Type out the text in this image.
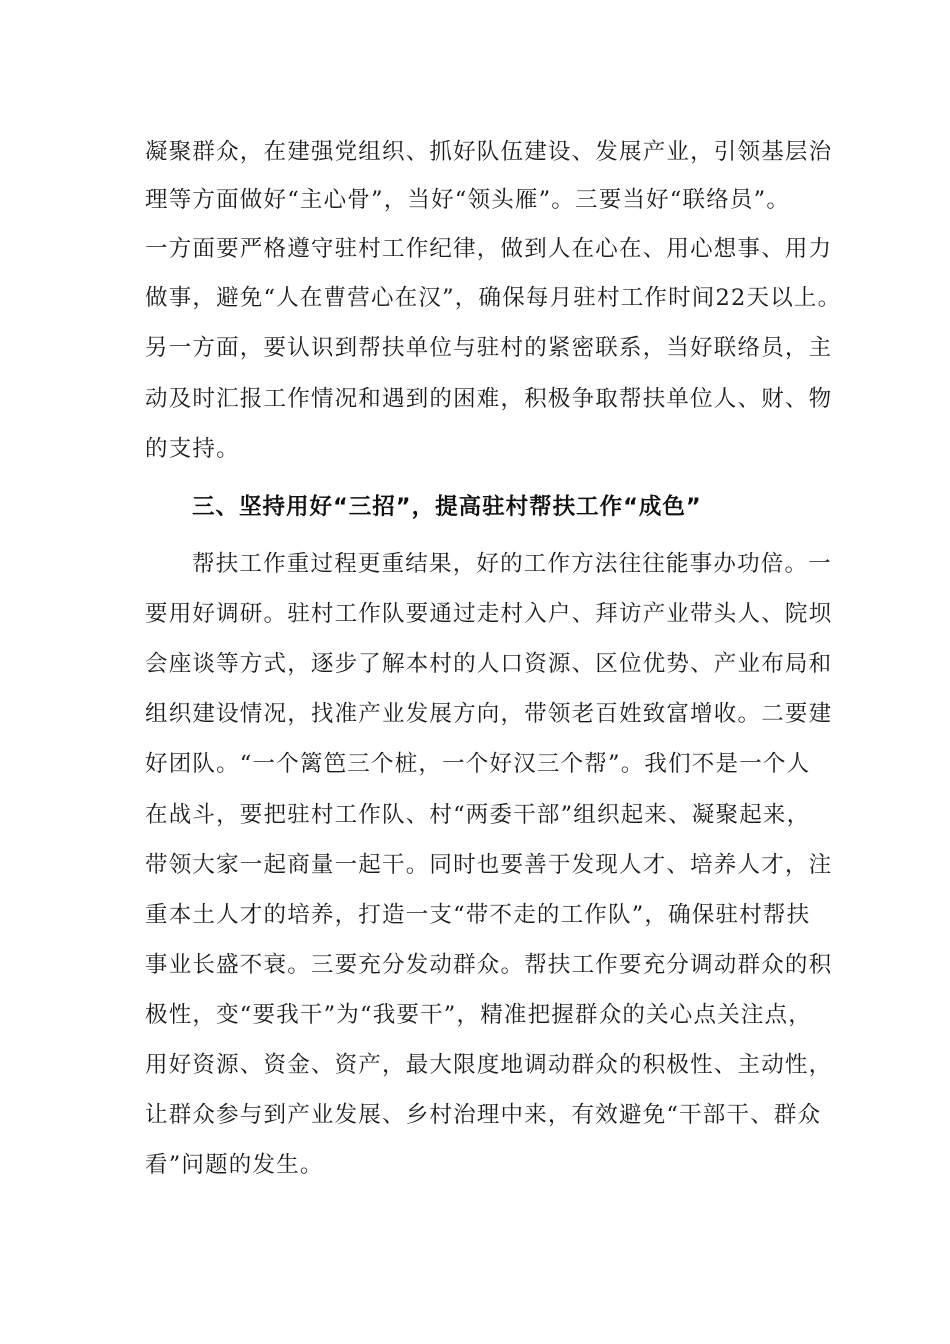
凝聚群众，在建强党组织、抓好队伍建设、发展产业，引领基层治
理等方面做好“主心骨”，当好“领头雁”。三要当好“联络员”。
一方面要严格遵守驻村工作纪律，做到人在心在、用心想事、用力
做事，避免“人在曹营心在汉”，确保每月驻村工作时间22天以上。
另一方面，要认识到帮扶单位与驻村的紧密联系，当好联络员，主
动及时汇报工作情况和遇到的困难，积极争取帮扶单位人、财、物
的支持。
三、坚持用好“三招”，提高驻村帮扶工作“成色”
帮扶工作重过程更重结果，好的工作方法往往能事办功倍。一
要用好调研。驻村工作队要通过走村入户、拜访产业带头人、院坝
会座谈等方式，逐步了解本村的人口资源、区位优势、产业布局和
组织建设情况，找准产业发展方向，带领老百姓致富增收。二要建
好团队。“一个篱笆三个桩，一个好汉三个帮”。我们不是一个人
在战斗，要把驻村工作队、村“两委干部”组织起来、凝聚起来，
带领大家一起商量一起干。同时也要善于发现人才、培养人才，注
重本土人才的培养，打造一支“带不走的工作队”，确保驻村帮扶
事业长盛不衰。三要充分发动群众。帮扶工作要充分调动群众的积
极性，变“要我干”为“我要干”，精准把握群众的关心点关注点，
用好资源、资金、资产，最大限度地调动群众的积极性、主动性，
让群众参与到产业发展、乡村治理中来，有效避免“干部干、群众
看”问题的发生。
